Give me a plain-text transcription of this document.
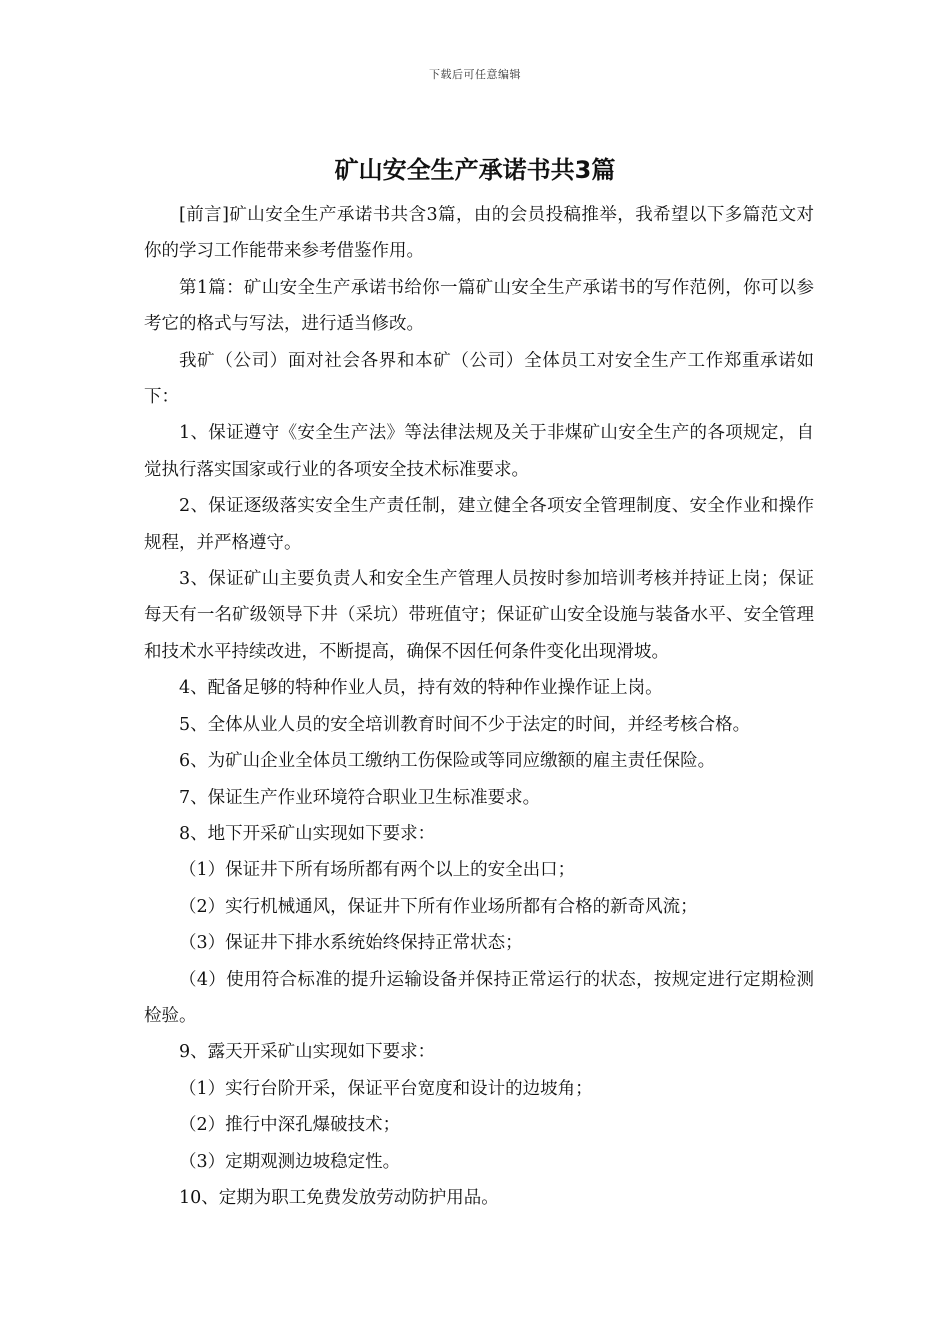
下载后可任意编辑
矿山安全生产承诺书共3篇

[前言]矿山安全生产承诺书共含3篇，由的会员投稿推举，我希望以下多篇范文对你的学习工作能带来参考借鉴作用。

第1篇：矿山安全生产承诺书给你一篇矿山安全生产承诺书的写作范例，你可以参考它的格式与写法，进行适当修改。

我矿（公司）面对社会各界和本矿（公司）全体员工对安全生产工作郑重承诺如下：

1、保证遵守《安全生产法》等法律法规及关于非煤矿山安全生产的各项规定，自觉执行落实国家或行业的各项安全技术标准要求。

2、保证逐级落实安全生产责任制，建立健全各项安全管理制度、安全作业和操作规程，并严格遵守。

3、保证矿山主要负责人和安全生产管理人员按时参加培训考核并持证上岗；保证每天有一名矿级领导下井（采坑）带班值守；保证矿山安全设施与装备水平、安全管理和技术水平持续改进，不断提高，确保不因任何条件变化出现滑坡。

4、配备足够的特种作业人员，持有效的特种作业操作证上岗。

5、全体从业人员的安全培训教育时间不少于法定的时间，并经考核合格。

6、为矿山企业全体员工缴纳工伤保险或等同应缴额的雇主责任保险。

7、保证生产作业环境符合职业卫生标准要求。

8、地下开采矿山实现如下要求：

（1）保证井下所有场所都有两个以上的安全出口；

（2）实行机械通风，保证井下所有作业场所都有合格的新奇风流；

（3）保证井下排水系统始终保持正常状态；

（4）使用符合标准的提升运输设备并保持正常运行的状态，按规定进行定期检测检验。

9、露天开采矿山实现如下要求：

（1）实行台阶开采，保证平台宽度和设计的边坡角；

（2）推行中深孔爆破技术；

（3）定期观测边坡稳定性。

10、定期为职工免费发放劳动防护用品。
